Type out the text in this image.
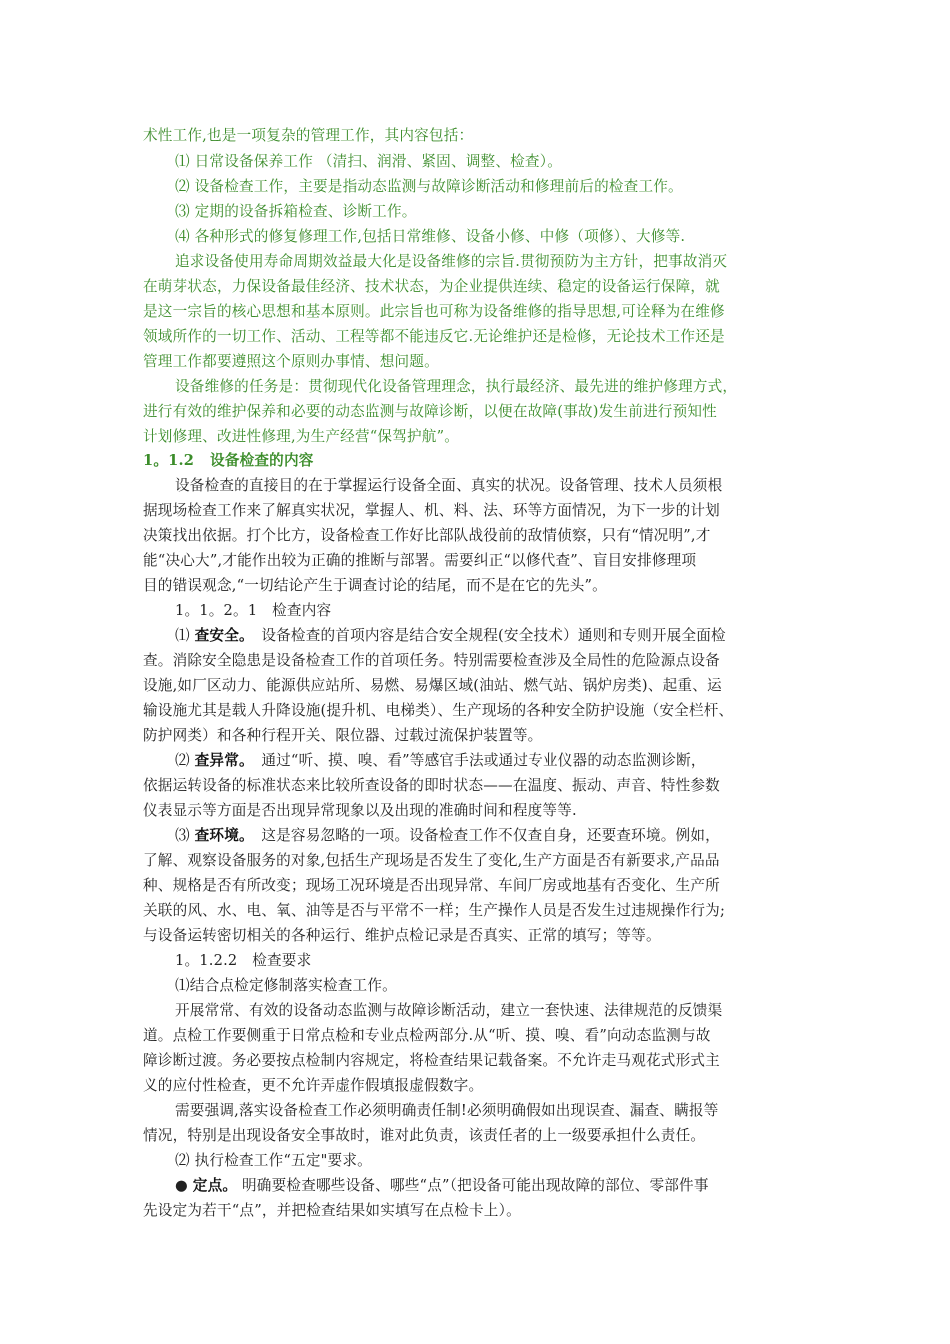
术性工作,也是一项复杂的管理工作，其内容包括：
⑴ 日常设备保养工作 （清扫、润滑、紧固、调整、检查）。
⑵ 设备检查工作，主要是指动态监测与故障诊断活动和修理前后的检查工作。
⑶ 定期的设备拆箱检查、诊断工作。
⑷ 各种形式的修复修理工作,包括日常维修、设备小修、中修（项修）、大修等.
追求设备使用寿命周期效益最大化是设备维修的宗旨.贯彻预防为主方针，把事故消灭
在萌芽状态，力保设备最佳经济、技术状态，为企业提供连续、稳定的设备运行保障，就
是这一宗旨的核心思想和基本原则。此宗旨也可称为设备维修的指导思想,可诠释为在维修
领域所作的一切工作、活动、工程等都不能违反它.无论维护还是检修，无论技术工作还是
管理工作都要遵照这个原则办事情、想问题。
设备维修的任务是：贯彻现代化设备管理理念，执行最经济、最先进的维护修理方式，
进行有效的维护保养和必要的动态监测与故障诊断，以便在故障(事故)发生前进行预知性
计划修理、改进性修理,为生产经营“保驾护航”。
1。1.2 设备检查的内容
设备检查的直接目的在于掌握运行设备全面、真实的状况。设备管理、技术人员须根
据现场检查工作来了解真实状况，掌握人、机、料、法、环等方面情况，为下一步的计划
决策找出依据。打个比方，设备检查工作好比部队战役前的敌情侦察，只有“情况明”,才
能“决心大”,才能作出较为正确的推断与部署。需要纠正“以修代查”、盲目安排修理项
目的错误观念,“一切结论产生于调查讨论的结尾，而不是在它的先头”。
1。1。2。1　检查内容
⑴ 查安全。　设备检查的首项内容是结合安全规程(安全技术）通则和专则开展全面检
查。消除安全隐患是设备检查工作的首项任务。特别需要检查涉及全局性的危险源点设备
设施,如厂区动力、能源供应站所、易燃、易爆区域(油站、燃气站、锅炉房类)、起重、运
输设施尤其是载人升降设施(提升机、电梯类）、生产现场的各种安全防护设施（安全栏杆、
防护网类）和各种行程开关、限位器、过载过流保护装置等。
⑵ 查异常。　通过“听、摸、嗅、看”等感官手法或通过专业仪器的动态监测诊断，
依据运转设备的标准状态来比较所查设备的即时状态——在温度、振动、声音、特性参数
仪表显示等方面是否出现异常现象以及出现的准确时间和程度等等.
⑶ 查环境。　这是容易忽略的一项。设备检查工作不仅查自身，还要查环境。例如，
了解、观察设备服务的对象,包括生产现场是否发生了变化,生产方面是否有新要求,产品品
种、规格是否有所改变；现场工况环境是否出现异常、车间厂房或地基有否变化、生产所
关联的风、水、电、氧、油等是否与平常不一样；生产操作人员是否发生过违规操作行为;
与设备运转密切相关的各种运行、维护点检记录是否真实、正常的填写；等等。
1。1.2.2　检查要求
⑴结合点检定修制落实检查工作。
开展常常、有效的设备动态监测与故障诊断活动，建立一套快速、法律规范的反馈渠
道。点检工作要侧重于日常点检和专业点检两部分.从“听、摸、嗅、看”向动态监测与故
障诊断过渡。务必要按点检制内容规定，将检查结果记载备案。不允许走马观花式形式主
义的应付性检查，更不允许弄虚作假填报虚假数字。
需要强调,落实设备检查工作必须明确责任制!必须明确假如出现误查、漏查、瞒报等
情况，特别是出现设备安全事故时，谁对此负责，该责任者的上一级要承担什么责任。
⑵ 执行检查工作“五定"要求。
● 定点。 明确要检查哪些设备、哪些“点”（把设备可能出现故障的部位、零部件事
先设定为若干“点”，并把检查结果如实填写在点检卡上）。
